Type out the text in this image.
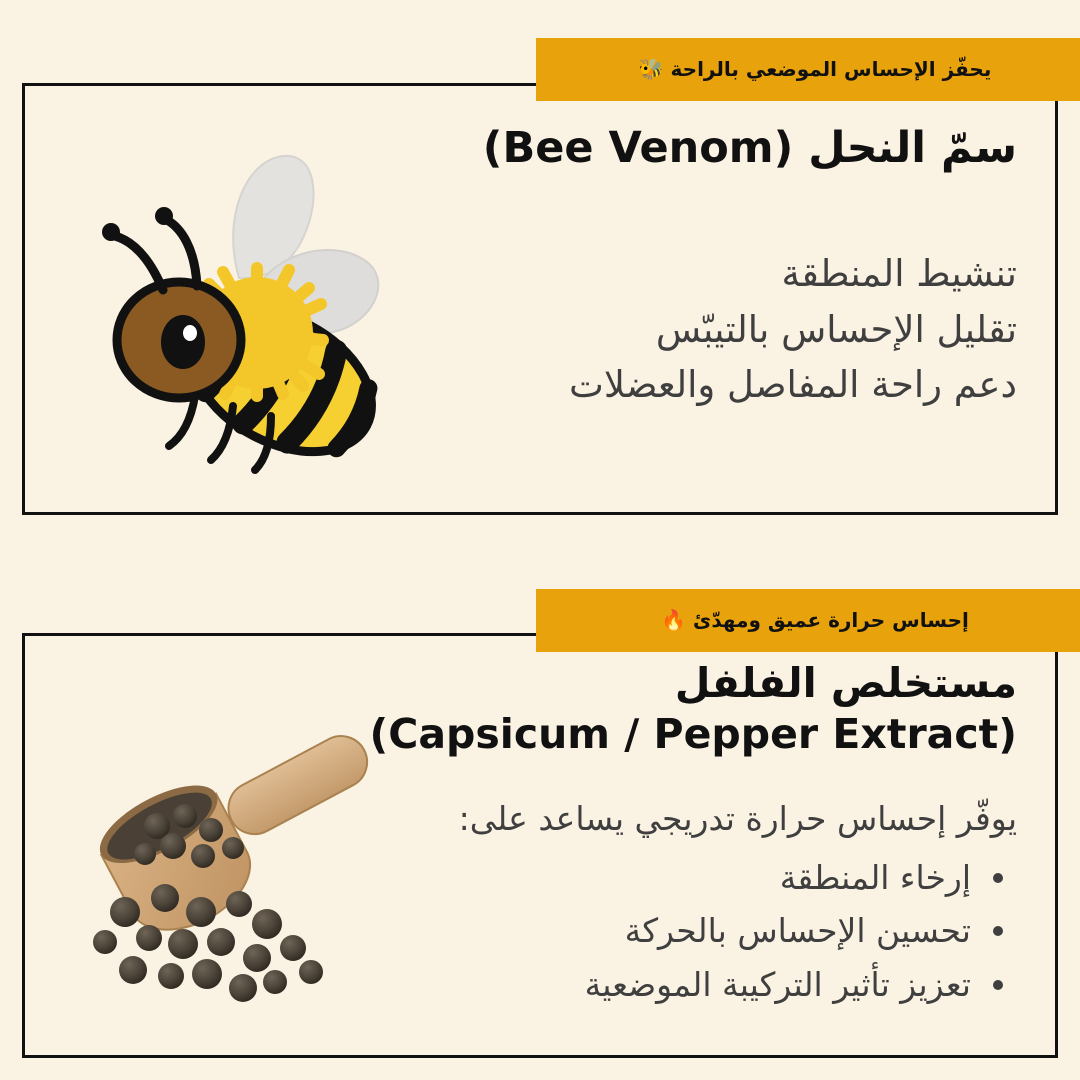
يحفّز الإحساس الموضعي بالراحة 🐝
سمّ النحل (Bee Venom)
تنشيط المنطقة
تقليل الإحساس بالتيبّس
دعم راحة المفاصل والعضلات
إحساس حرارة عميق ومهدّئ 🔥
مستخلص الفلفل
(Capsicum / Pepper Extract)
يوفّر إحساس حرارة تدريجي يساعد على:
إرخاء المنطقة
تحسين الإحساس بالحركة
تعزيز تأثير التركيبة الموضعية
